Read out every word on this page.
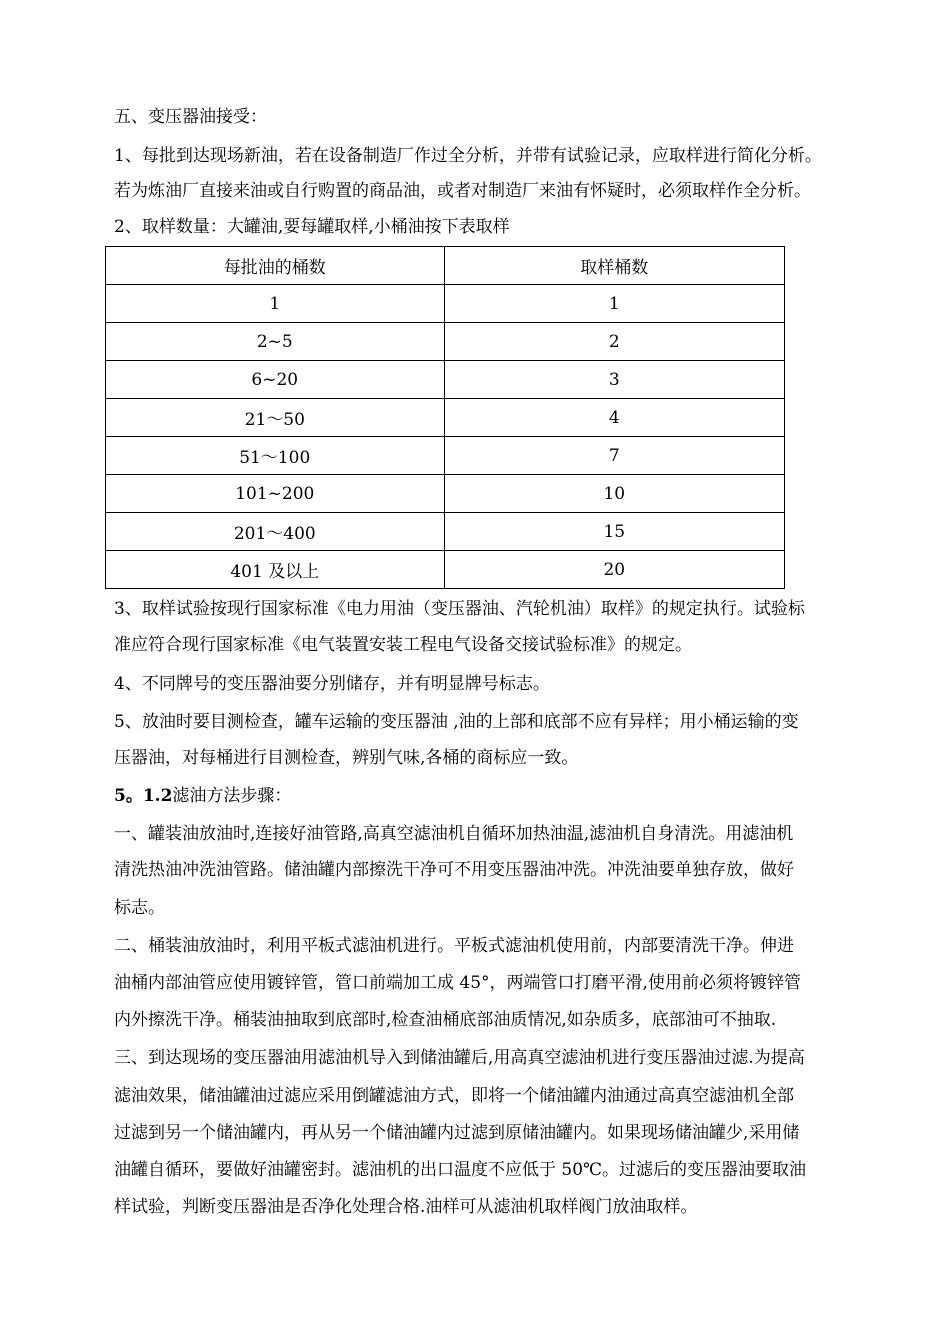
五、变压器油接受：
1、每批到达现场新油，若在设备制造厂作过全分析，并带有试验记录，应取样进行简化分析。
若为炼油厂直接来油或自行购置的商品油，或者对制造厂来油有怀疑时，必须取样作全分析。
2、取样数量：大罐油,要每罐取样,小桶油按下表取样
每批油的桶数	取样桶数
1	1
2~5	2
6~20	3
21～50	4
51～100	7
101~200	10
201～400	15
401 及以上	20
3、取样试验按现行国家标准《电力用油（变压器油、汽轮机油）取样》的规定执行。试验标
准应符合现行国家标准《电气装置安装工程电气设备交接试验标准》的规定。
4、不同牌号的变压器油要分别储存，并有明显牌号标志。
5、放油时要目测检查，罐车运输的变压器油 ,油的上部和底部不应有异样；用小桶运输的变
压器油，对每桶进行目测检查，辨别气味,各桶的商标应一致。
5。1.2滤油方法步骤：
一、罐装油放油时,连接好油管路,高真空滤油机自循环加热油温,滤油机自身清洗。用滤油机
清洗热油冲洗油管路。储油罐内部擦洗干净可不用变压器油冲洗。冲洗油要单独存放，做好
标志。
二、桶装油放油时，利用平板式滤油机进行。平板式滤油机使用前，内部要清洗干净。伸进
油桶内部油管应使用镀锌管，管口前端加工成 45°，两端管口打磨平滑,使用前必须将镀锌管
内外擦洗干净。桶装油抽取到底部时,检查油桶底部油质情况,如杂质多，底部油可不抽取.
三、到达现场的变压器油用滤油机导入到储油罐后,用高真空滤油机进行变压器油过滤.为提高
滤油效果，储油罐油过滤应采用倒罐滤油方式，即将一个储油罐内油通过高真空滤油机全部
过滤到另一个储油罐内，再从另一个储油罐内过滤到原储油罐内。如果现场储油罐少,采用储
油罐自循环，要做好油罐密封。滤油机的出口温度不应低于 50℃。过滤后的变压器油要取油
样试验，判断变压器油是否净化处理合格.油样可从滤油机取样阀门放油取样。
